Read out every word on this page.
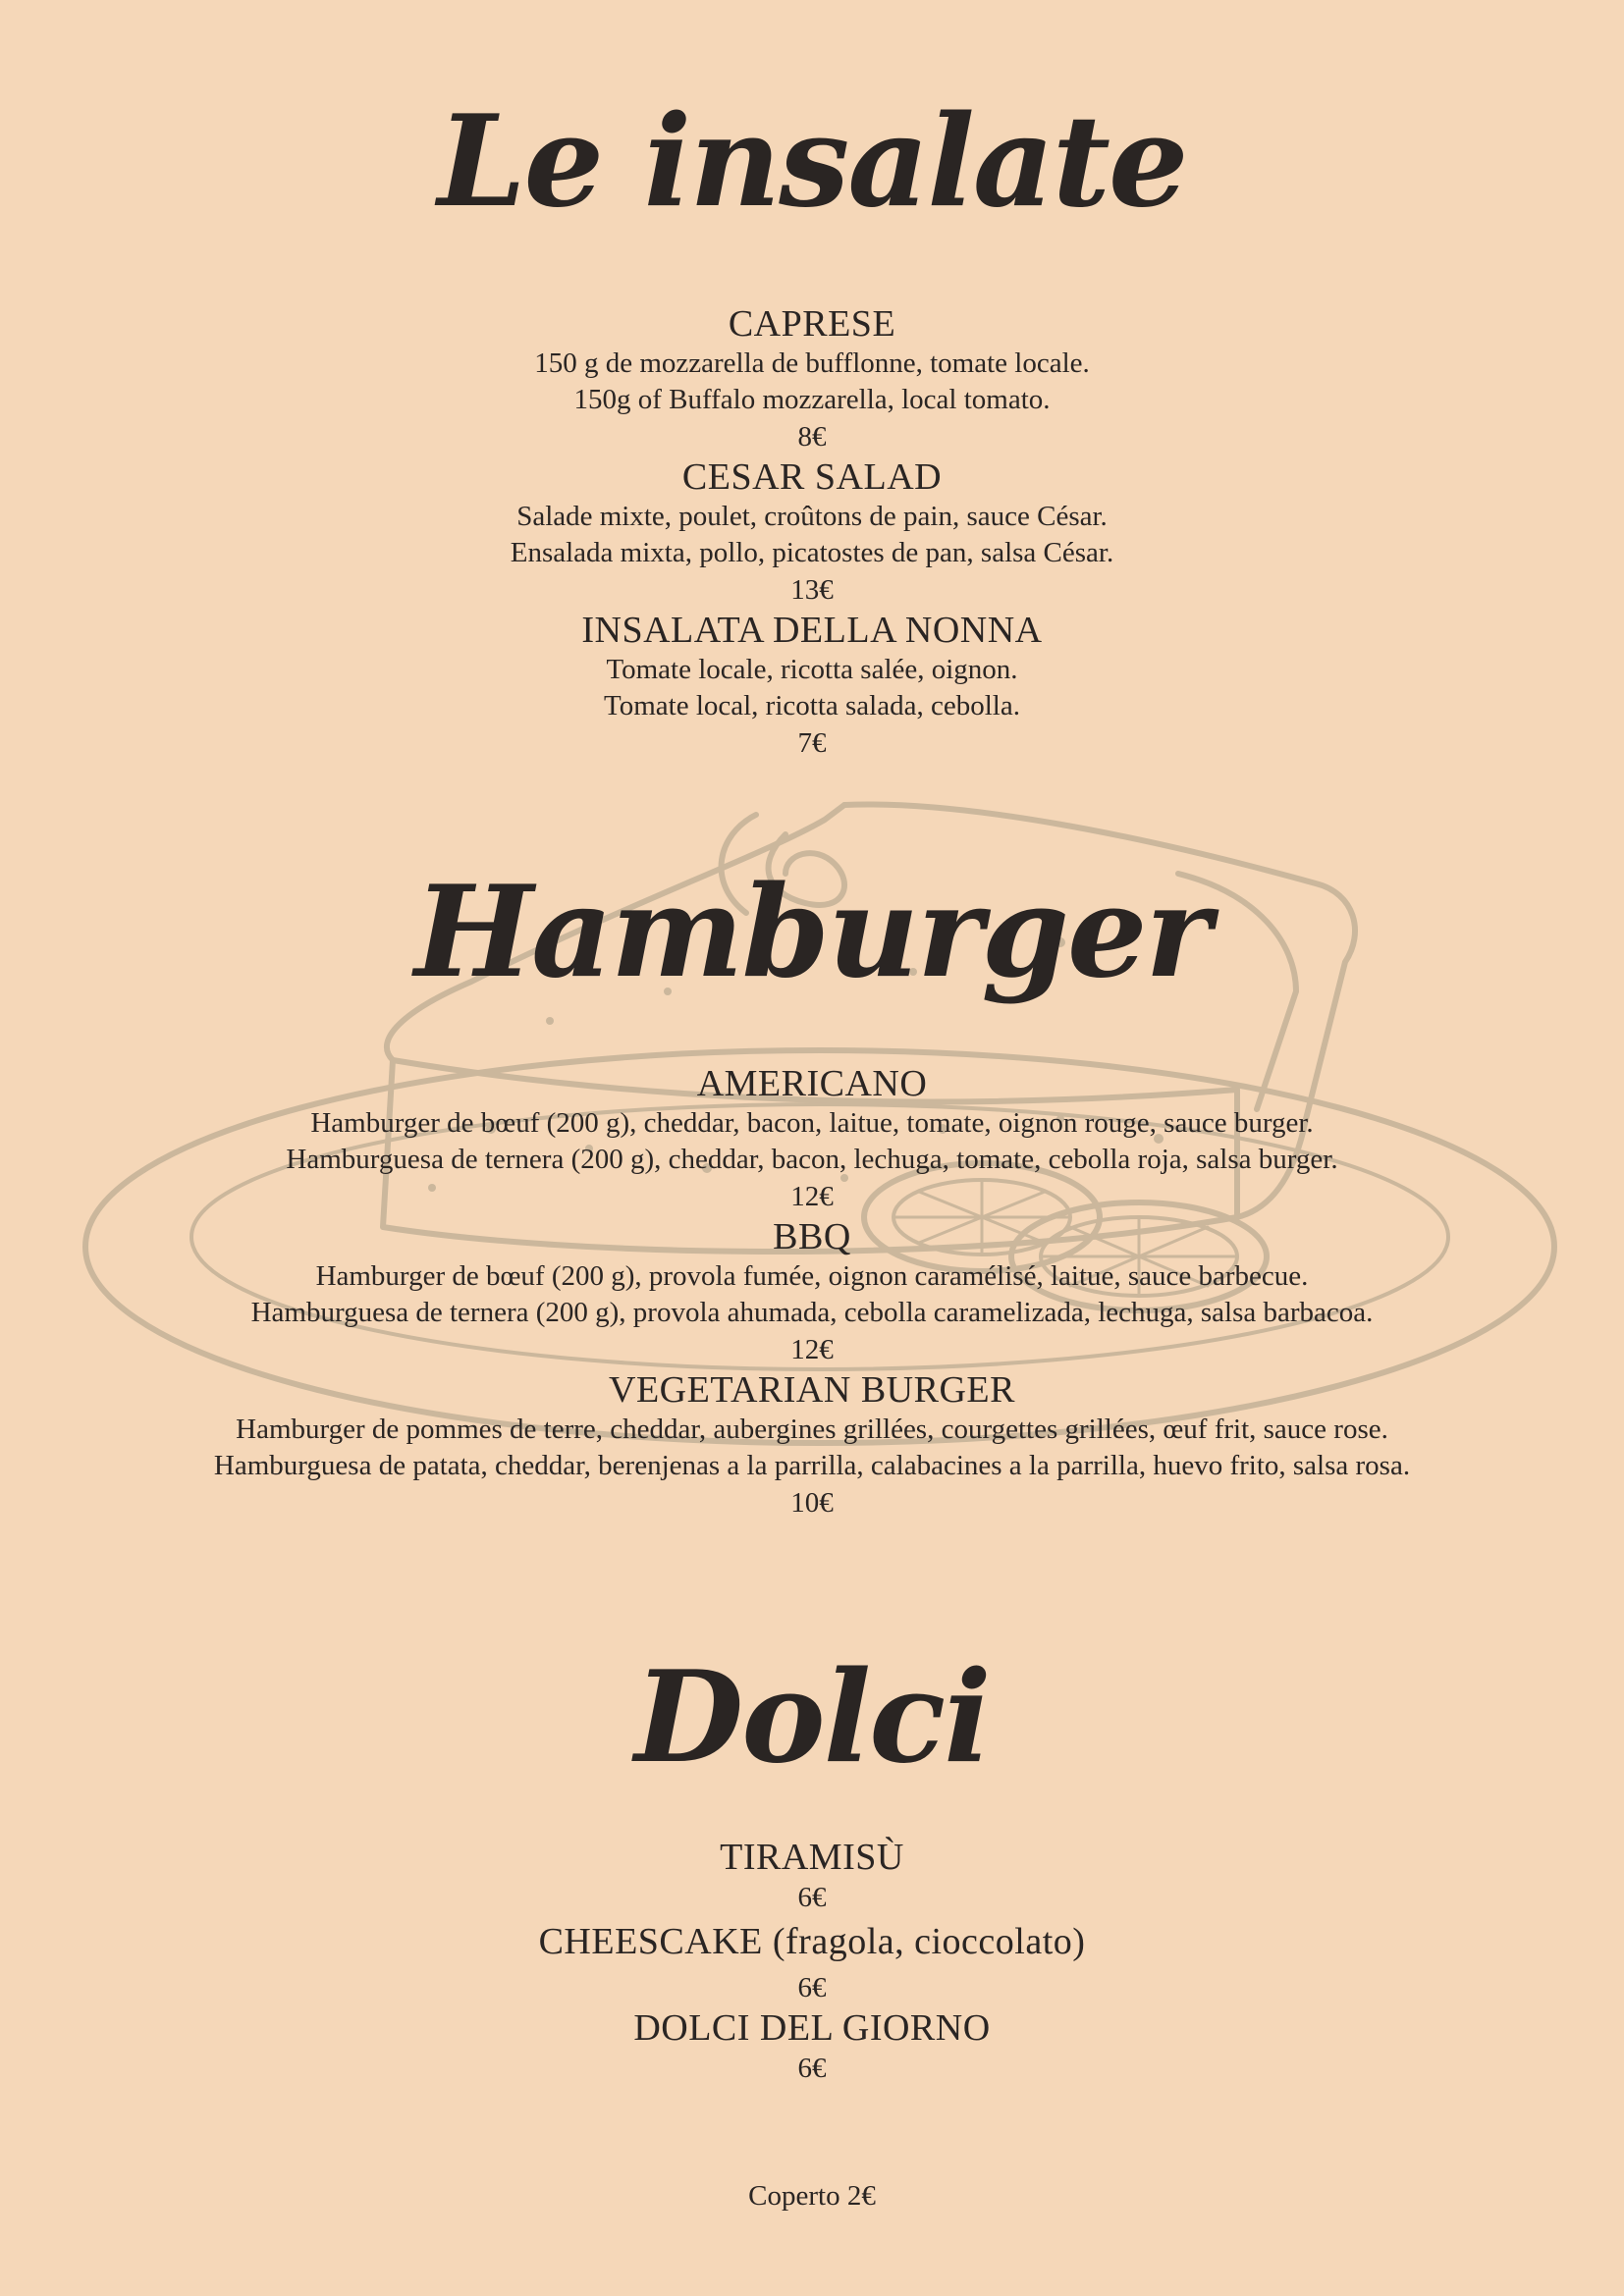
Le insalate
CAPRESE
150 g de mozzarella de bufflonne, tomate locale.
150g of Buffalo mozzarella, local tomato.
8€
CESAR SALAD
Salade mixte, poulet, croûtons de pain, sauce César.
Ensalada mixta, pollo, picatostes de pan, salsa César.
13€
INSALATA DELLA NONNA
Tomate locale, ricotta salée, oignon.
Tomate local, ricotta salada, cebolla.
7€
Hamburger
AMERICANO
Hamburger de bœuf (200 g), cheddar, bacon, laitue, tomate, oignon rouge, sauce burger.
Hamburguesa de ternera (200 g), cheddar, bacon, lechuga, tomate, cebolla roja, salsa burger.
12€
BBQ
Hamburger de bœuf (200 g), provola fumée, oignon caramélisé, laitue, sauce barbecue.
Hamburguesa de ternera (200 g), provola ahumada, cebolla caramelizada, lechuga, salsa barbacoa.
12€
VEGETARIAN BURGER
Hamburger de pommes de terre, cheddar, aubergines grillées, courgettes grillées, œuf frit, sauce rose.
Hamburguesa de patata, cheddar, berenjenas a la parrilla, calabacines a la parrilla, huevo frito, salsa rosa.
10€
Dolci
TIRAMISÙ
6€
CHEESCAKE (fragola, cioccolato)
6€
DOLCI DEL GIORNO
6€
Coperto 2€
